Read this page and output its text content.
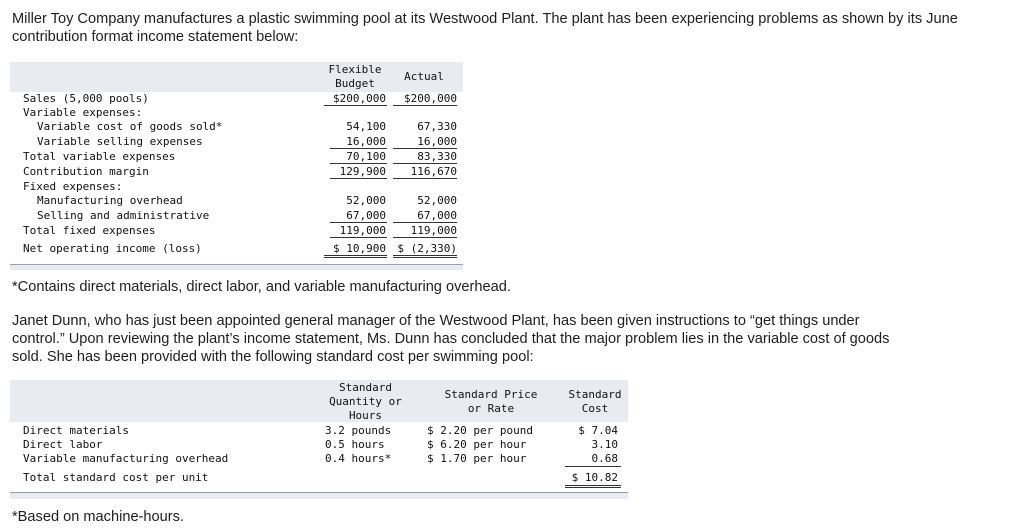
Miller Toy Company manufactures a plastic swimming pool at its Westwood Plant. The plant has been experiencing problems as shown by its June contribution format income statement below:

Flexible
Budget
Actual
Sales (5,000 pools)
Variable expenses:
Variable cost of goods sold*
Variable selling expenses
Total variable expenses
Contribution margin
Fixed expenses:
Manufacturing overhead
Selling and administrative
Total fixed expenses
Net operating income (loss)
$200,000
54,100
16,000
70,100
129,900
52,000
67,000
119,000
$ 10,900
$200,000
67,330
16,000
83,330
116,670
52,000
67,000
119,000
$ (2,330)

*Contains direct materials, direct labor, and variable manufacturing overhead.

Janet Dunn, who has just been appointed general manager of the Westwood Plant, has been given instructions to “get things under control.” Upon reviewing the plant’s income statement, Ms. Dunn has concluded that the major problem lies in the variable cost of goods sold. She has been provided with the following standard cost per swimming pool:

Standard
Quantity or
Hours
Standard Price
or Rate
Standard
Cost
Direct materials
Direct labor
Variable manufacturing overhead
Total standard cost per unit
3.2 pounds
0.5 hours
0.4 hours*
$ 2.20 per pound
$ 6.20 per hour
$ 1.70 per hour
$ 7.04
3.10
0.68
$ 10.82

*Based on machine-hours.
